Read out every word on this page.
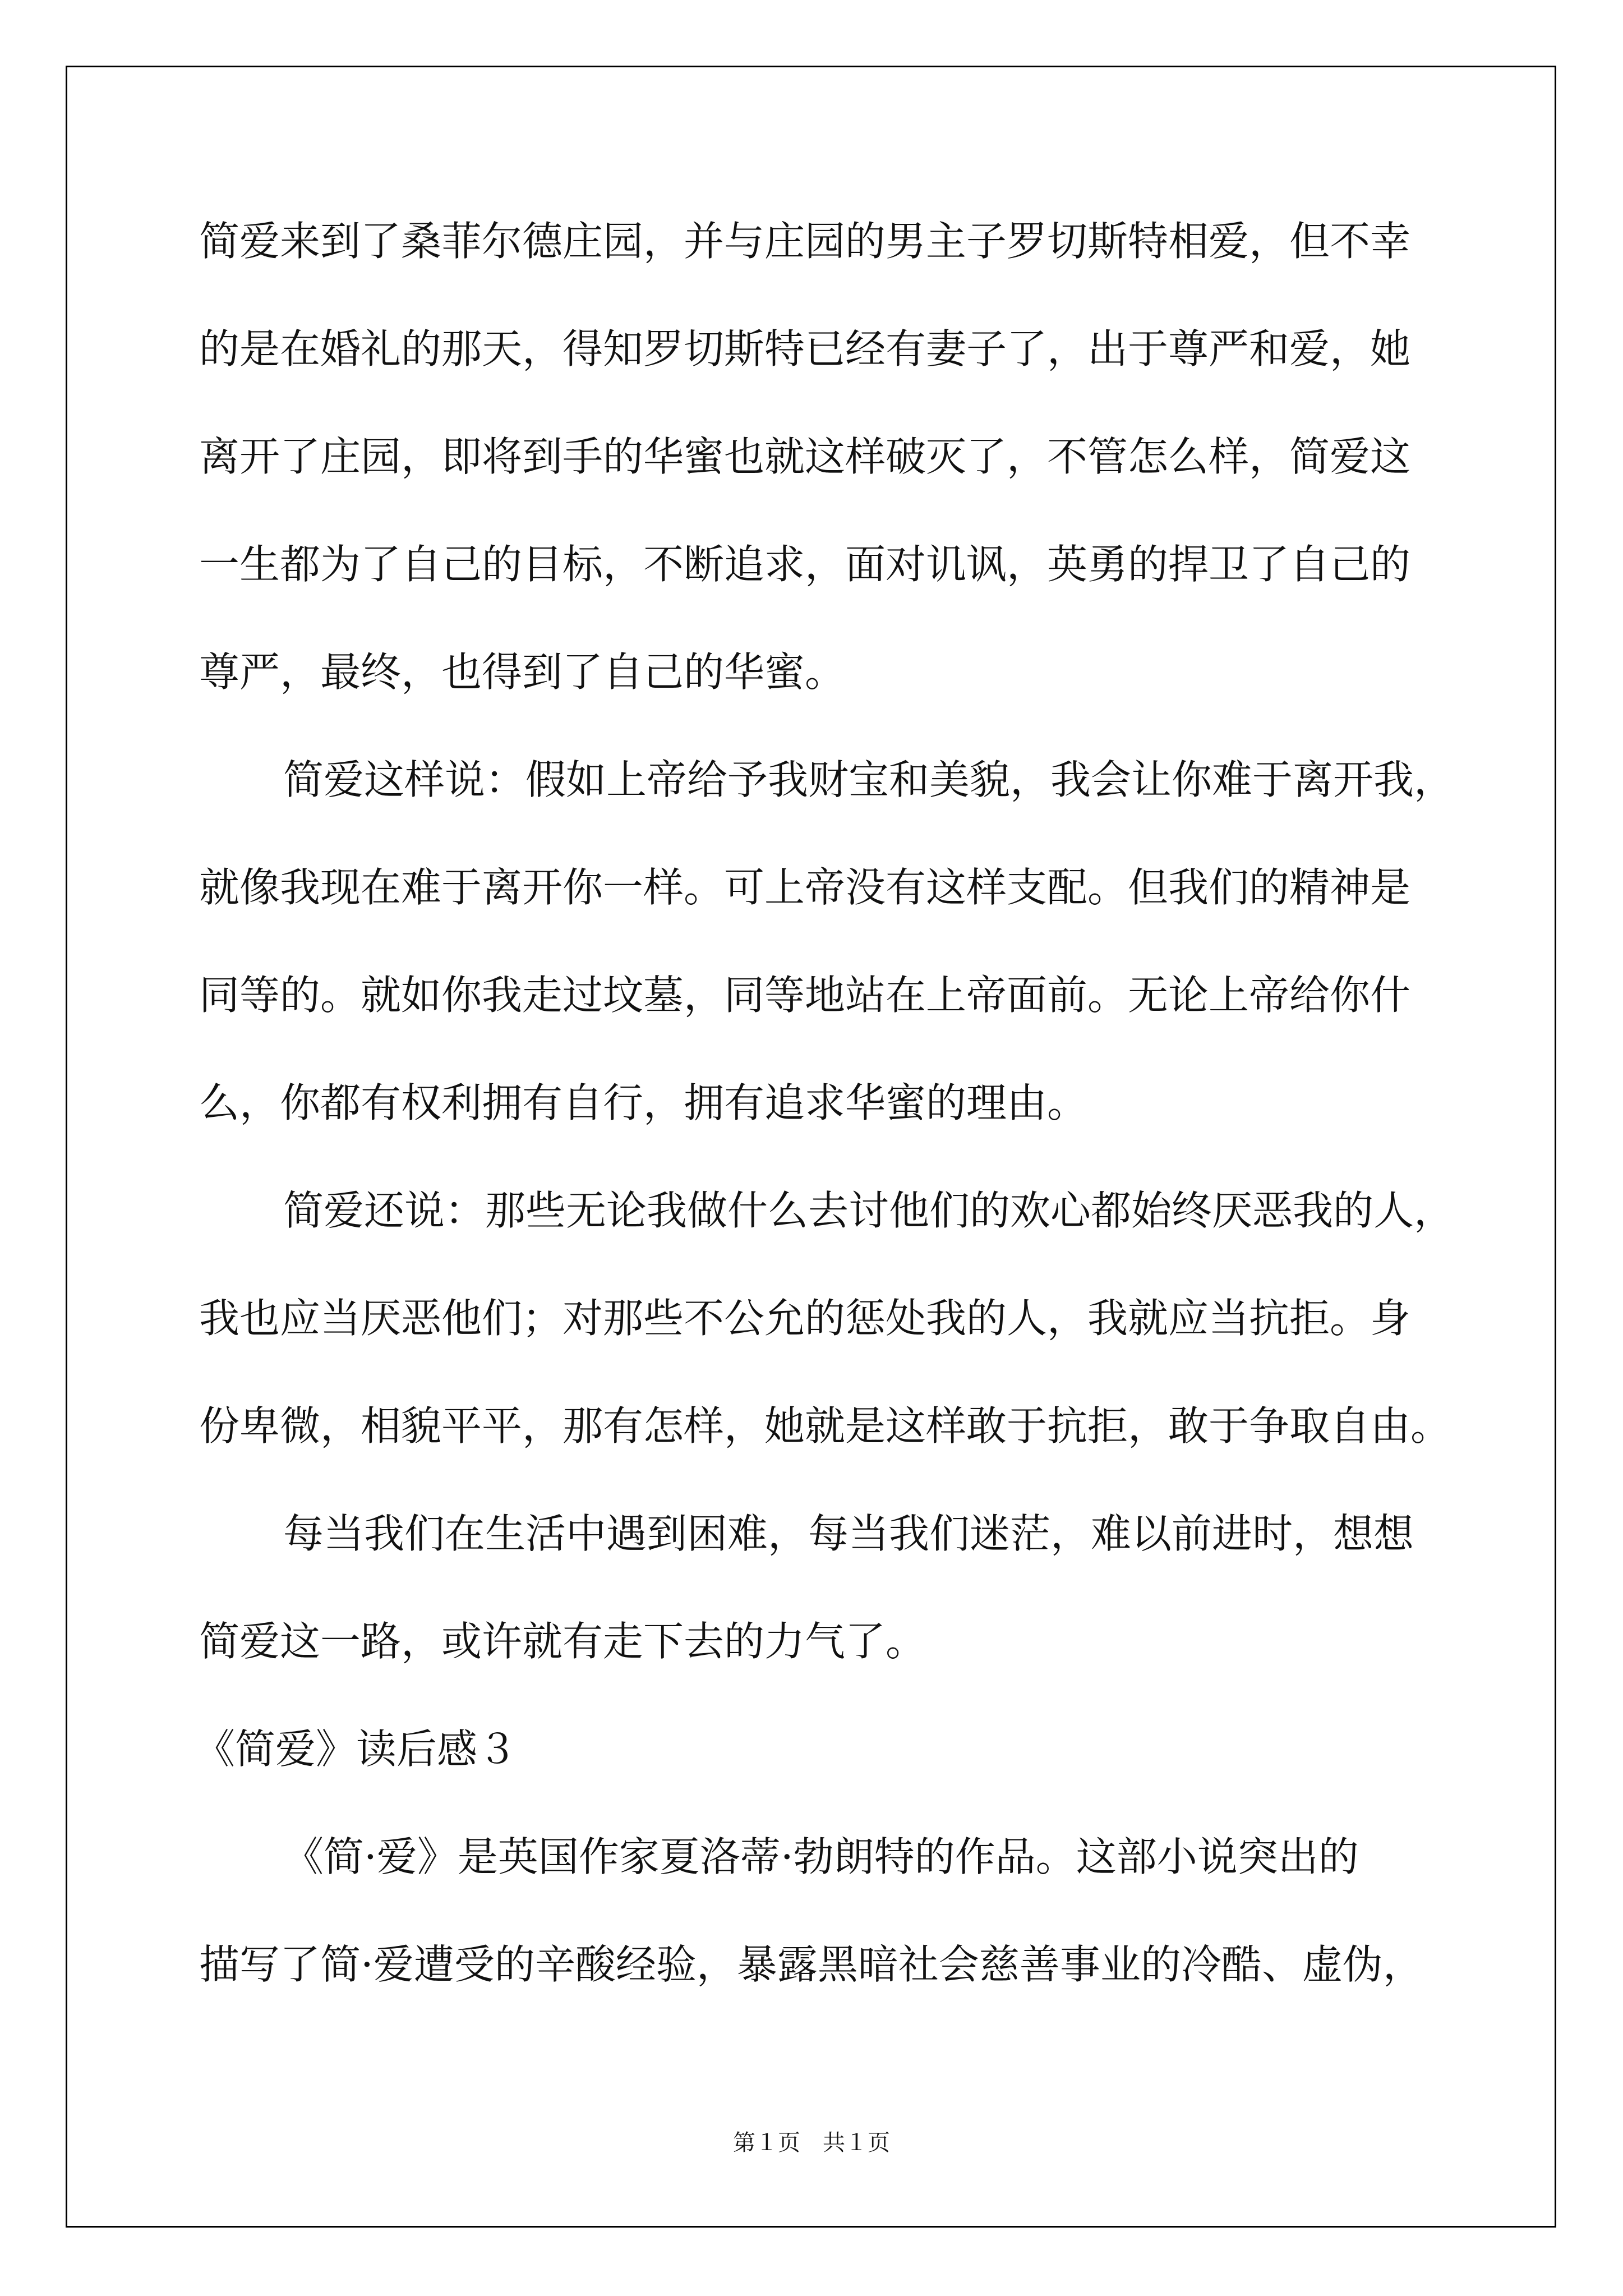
简爱来到了桑菲尔德庄园，并与庄园的男主子罗切斯特相爱，但不幸
的是在婚礼的那天，得知罗切斯特已经有妻子了，出于尊严和爱，她
离开了庄园，即将到手的华蜜也就这样破灭了，不管怎么样，简爱这
一生都为了自己的目标，不断追求，面对讥讽，英勇的捍卫了自己的
尊严，最终，也得到了自己的华蜜。
简爱这样说：假如上帝给予我财宝和美貌，我会让你难于离开我，
就像我现在难于离开你一样。可上帝没有这样支配。但我们的精神是
同等的。就如你我走过坟墓，同等地站在上帝面前。无论上帝给你什
么，你都有权利拥有自行，拥有追求华蜜的理由。
简爱还说：那些无论我做什么去讨他们的欢心都始终厌恶我的人，
我也应当厌恶他们；对那些不公允的惩处我的人，我就应当抗拒。身
份卑微，相貌平平，那有怎样，她就是这样敢于抗拒，敢于争取自由。
每当我们在生活中遇到困难，每当我们迷茫，难以前进时，想想
简爱这一路，或许就有走下去的力气了。
《简爱》读后感３
《简·爱》是英国作家夏洛蒂·勃朗特的作品。这部小说突出的
描写了简·爱遭受的辛酸经验，暴露黑暗社会慈善事业的冷酷、虚伪，
第１页　共１页
